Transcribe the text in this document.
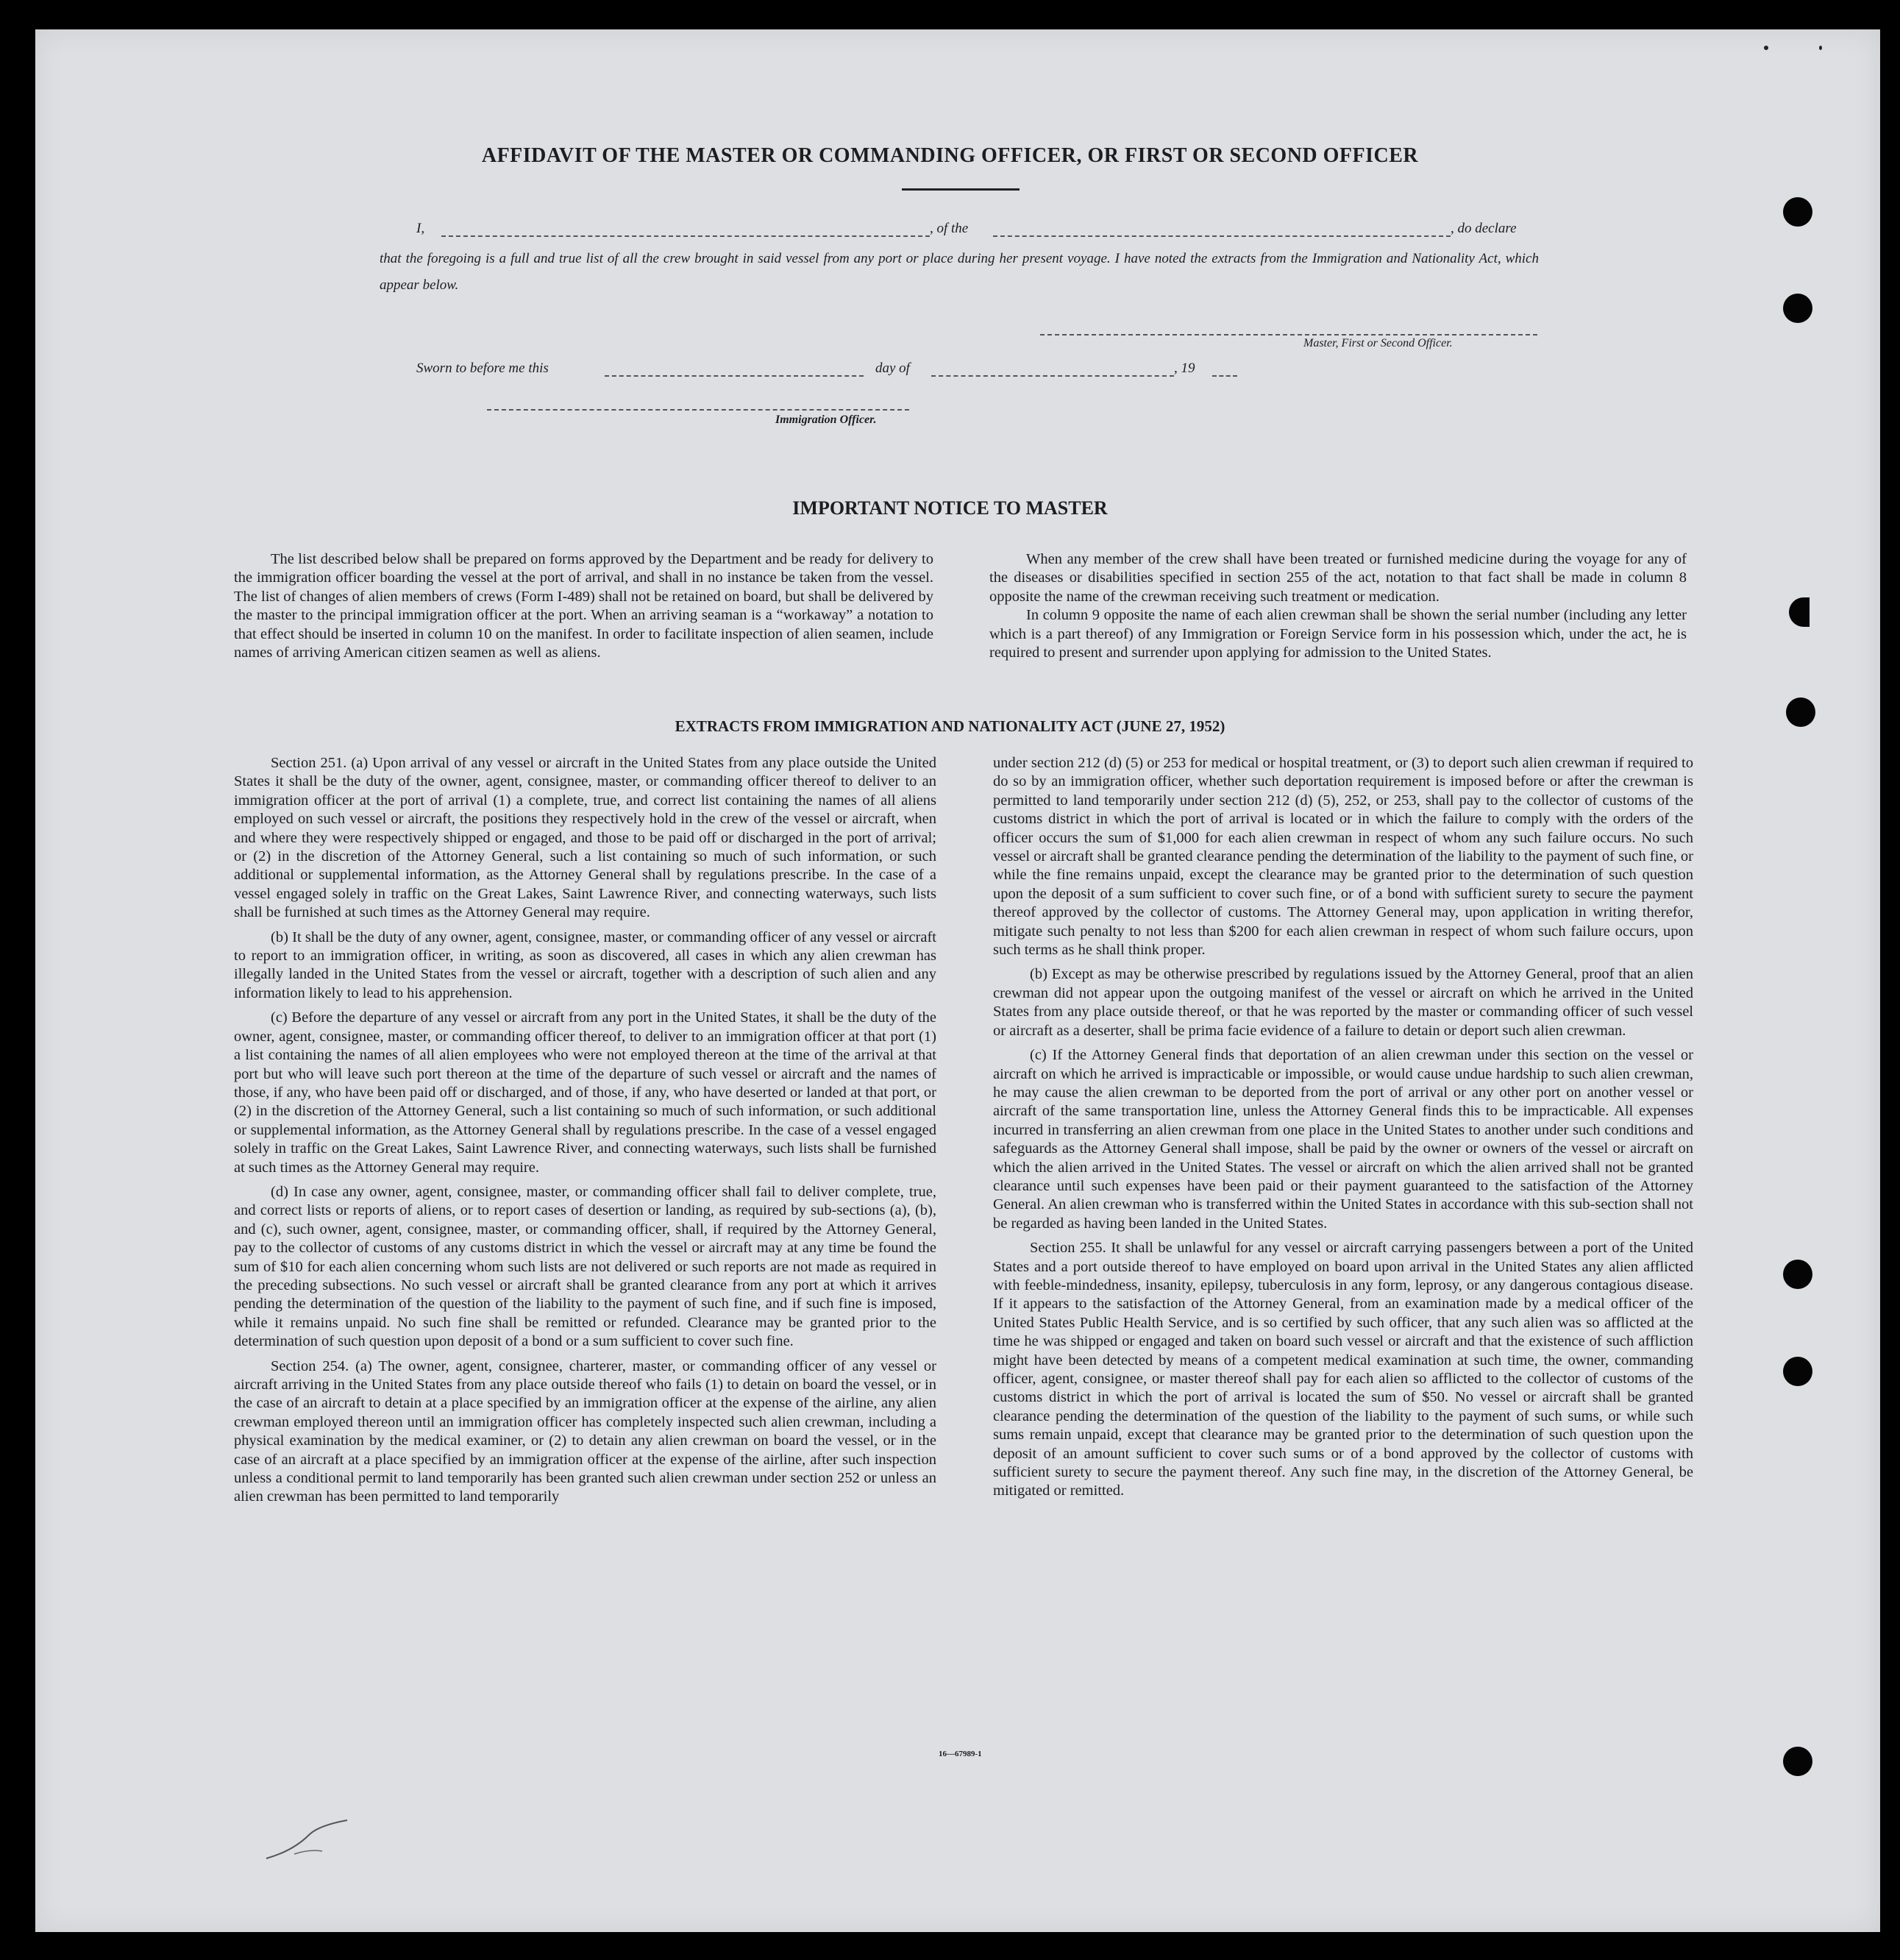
AFFIDAVIT OF THE MASTER OR COMMANDING OFFICER, OR FIRST OR SECOND OFFICER
I,	, of the	, do declare
that the foregoing is a full and true list of all the crew brought in said vessel from any port or place during her present voyage. I have noted the extracts from the Immigration and Nationality Act, which appear below.
Master, First or Second Officer.
Sworn to before me this	day of	, 19
Immigration Officer.
IMPORTANT NOTICE TO MASTER

The list described below shall be prepared on forms approved by the Department and be ready for delivery to the immigration officer boarding the vessel at the port of arrival, and shall in no instance be taken from the vessel. The list of changes of alien members of crews (Form I-489) shall not be retained on board, but shall be delivered by the master to the principal immigration officer at the port. When an arriving seaman is a “workaway” a notation to that effect should be inserted in column 10 on the manifest. In order to facilitate inspection of alien seamen, include names of arriving American citizen seamen as well as aliens.

When any member of the crew shall have been treated or furnished medicine during the voyage for any of the diseases or disabilities specified in section 255 of the act, notation to that fact shall be made in column 8 opposite the name of the crewman receiving such treatment or medication.

In column 9 opposite the name of each alien crewman shall be shown the serial number (including any letter which is a part thereof) of any Immigration or Foreign Service form in his possession which, under the act, he is required to present and surrender upon applying for admission to the United States.

EXTRACTS FROM IMMIGRATION AND NATIONALITY ACT (JUNE 27, 1952)

Section 251. (a) Upon arrival of any vessel or aircraft in the United States from any place outside the United States it shall be the duty of the owner, agent, consignee, master, or commanding officer thereof to deliver to an immigration officer at the port of arrival (1) a complete, true, and correct list containing the names of all aliens employed on such vessel or aircraft, the positions they respectively hold in the crew of the vessel or aircraft, when and where they were respectively shipped or engaged, and those to be paid off or discharged in the port of arrival; or (2) in the discretion of the Attorney General, such a list containing so much of such information, or such additional or supplemental information, as the Attorney General shall by regulations prescribe. In the case of a vessel engaged solely in traffic on the Great Lakes, Saint Lawrence River, and connecting waterways, such lists shall be furnished at such times as the Attorney General may require.

(b) It shall be the duty of any owner, agent, consignee, master, or commanding officer of any vessel or aircraft to report to an immigration officer, in writing, as soon as discovered, all cases in which any alien crewman has illegally landed in the United States from the vessel or aircraft, together with a description of such alien and any information likely to lead to his apprehension.

(c) Before the departure of any vessel or aircraft from any port in the United States, it shall be the duty of the owner, agent, consignee, master, or commanding officer thereof, to deliver to an immigration officer at that port (1) a list containing the names of all alien employees who were not employed thereon at the time of the arrival at that port but who will leave such port thereon at the time of the departure of such vessel or aircraft and the names of those, if any, who have been paid off or discharged, and of those, if any, who have deserted or landed at that port, or (2) in the discretion of the Attorney General, such a list containing so much of such information, or such additional or supplemental information, as the Attorney General shall by regulations prescribe. In the case of a vessel engaged solely in traffic on the Great Lakes, Saint Lawrence River, and connecting waterways, such lists shall be furnished at such times as the Attorney General may require.

(d) In case any owner, agent, consignee, master, or commanding officer shall fail to deliver complete, true, and correct lists or reports of aliens, or to report cases of desertion or landing, as required by sub-sections (a), (b), and (c), such owner, agent, consignee, master, or commanding officer, shall, if required by the Attorney General, pay to the collector of customs of any customs district in which the vessel or aircraft may at any time be found the sum of $10 for each alien concerning whom such lists are not delivered or such reports are not made as required in the preceding subsections. No such vessel or aircraft shall be granted clearance from any port at which it arrives pending the determination of the question of the liability to the payment of such fine, and if such fine is imposed, while it remains unpaid. No such fine shall be remitted or refunded. Clearance may be granted prior to the determination of such question upon deposit of a bond or a sum sufficient to cover such fine.

Section 254. (a) The owner, agent, consignee, charterer, master, or commanding officer of any vessel or aircraft arriving in the United States from any place outside thereof who fails (1) to detain on board the vessel, or in the case of an aircraft to detain at a place specified by an immigration officer at the expense of the airline, any alien crewman employed thereon until an immigration officer has completely inspected such alien crewman, including a physical examination by the medical examiner, or (2) to detain any alien crewman on board the vessel, or in the case of an aircraft at a place specified by an immigration officer at the expense of the airline, after such inspection unless a conditional permit to land temporarily has been granted such alien crewman under section 252 or unless an alien crewman has been permitted to land temporarily

under section 212 (d) (5) or 253 for medical or hospital treatment, or (3) to deport such alien crewman if required to do so by an immigration officer, whether such deportation requirement is imposed before or after the crewman is permitted to land temporarily under section 212 (d) (5), 252, or 253, shall pay to the collector of customs of the customs district in which the port of arrival is located or in which the failure to comply with the orders of the officer occurs the sum of $1,000 for each alien crewman in respect of whom any such failure occurs. No such vessel or aircraft shall be granted clearance pending the determination of the liability to the payment of such fine, or while the fine remains unpaid, except the clearance may be granted prior to the determination of such question upon the deposit of a sum sufficient to cover such fine, or of a bond with sufficient surety to secure the payment thereof approved by the collector of customs. The Attorney General may, upon application in writing therefor, mitigate such penalty to not less than $200 for each alien crewman in respect of whom such failure occurs, upon such terms as he shall think proper.

(b) Except as may be otherwise prescribed by regulations issued by the Attorney General, proof that an alien crewman did not appear upon the outgoing manifest of the vessel or aircraft on which he arrived in the United States from any place outside thereof, or that he was reported by the master or commanding officer of such vessel or aircraft as a deserter, shall be prima facie evidence of a failure to detain or deport such alien crewman.

(c) If the Attorney General finds that deportation of an alien crewman under this section on the vessel or aircraft on which he arrived is impracticable or impossible, or would cause undue hardship to such alien crewman, he may cause the alien crewman to be deported from the port of arrival or any other port on another vessel or aircraft of the same transportation line, unless the Attorney General finds this to be impracticable. All expenses incurred in transferring an alien crewman from one place in the United States to another under such conditions and safeguards as the Attorney General shall impose, shall be paid by the owner or owners of the vessel or aircraft on which the alien arrived in the United States. The vessel or aircraft on which the alien arrived shall not be granted clearance until such expenses have been paid or their payment guaranteed to the satisfaction of the Attorney General. An alien crewman who is transferred within the United States in accordance with this sub-section shall not be regarded as having been landed in the United States.

Section 255. It shall be unlawful for any vessel or aircraft carrying passengers between a port of the United States and a port outside thereof to have employed on board upon arrival in the United States any alien afflicted with feeble-mindedness, insanity, epilepsy, tuberculosis in any form, leprosy, or any dangerous contagious disease. If it appears to the satisfaction of the Attorney General, from an examination made by a medical officer of the United States Public Health Service, and is so certified by such officer, that any such alien was so afflicted at the time he was shipped or engaged and taken on board such vessel or aircraft and that the existence of such affliction might have been detected by means of a competent medical examination at such time, the owner, commanding officer, agent, consignee, or master thereof shall pay for each alien so afflicted to the collector of customs of the customs district in which the port of arrival is located the sum of $50. No vessel or aircraft shall be granted clearance pending the determination of the question of the liability to the payment of such sums, or while such sums remain unpaid, except that clearance may be granted prior to the determination of such question upon the deposit of an amount sufficient to cover such sums or of a bond approved by the collector of customs with sufficient surety to secure the payment thereof. Any such fine may, in the discretion of the Attorney General, be mitigated or remitted.

16—67989-1
